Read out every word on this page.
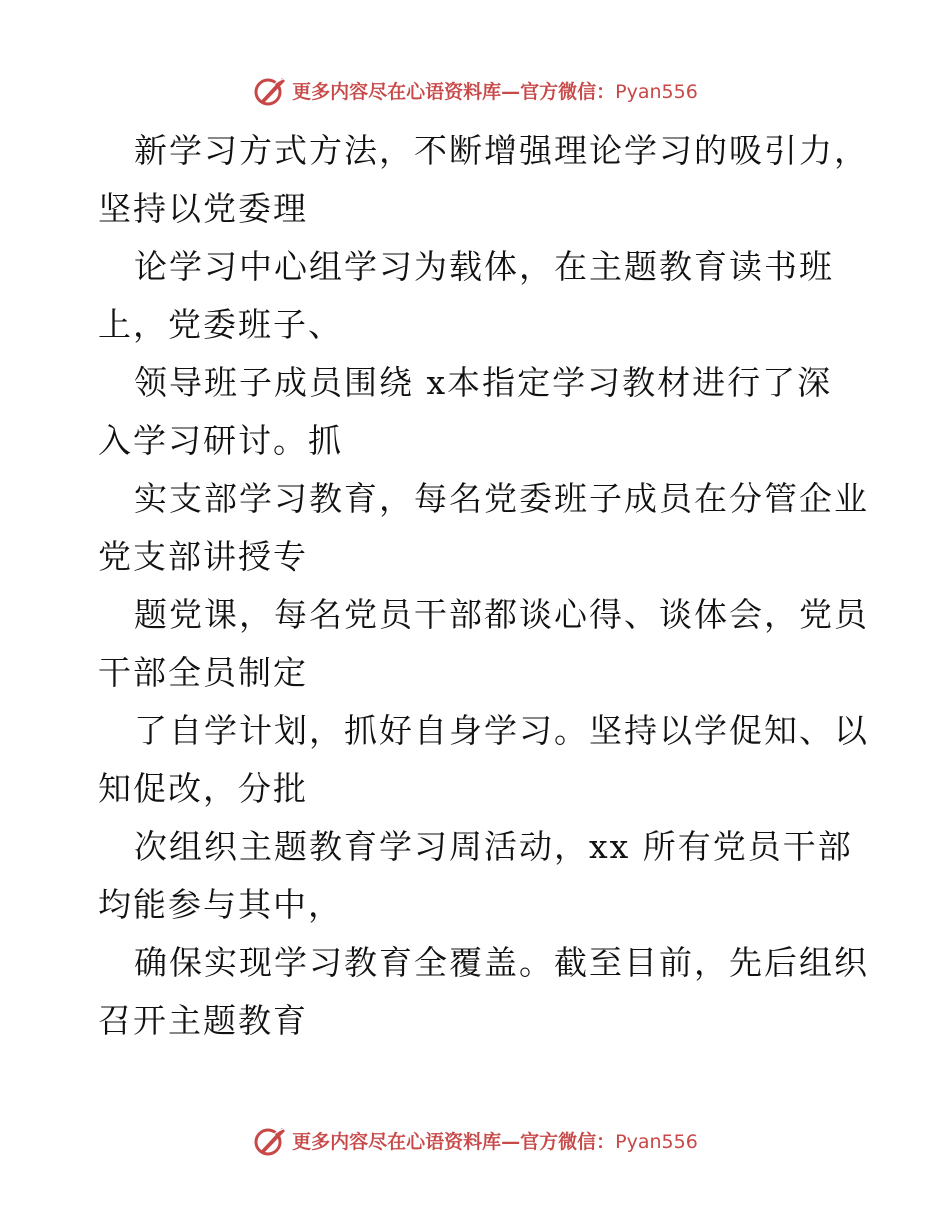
更多内容尽在心语资料库—官方微信：Pyan556

新学习方式方法，不断增强理论学习的吸引力，
坚持以党委理

论学习中心组学习为载体，在主题教育读书班
上，党委班子、

领导班子成员围绕 x本指定学习教材进行了深
入学习研讨。抓

实支部学习教育，每名党委班子成员在分管企业
党支部讲授专

题党课，每名党员干部都谈心得、谈体会，党员
干部全员制定

了自学计划，抓好自身学习。坚持以学促知、以
知促改，分批

次组织主题教育学习周活动，xx 所有党员干部
均能参与其中，

确保实现学习教育全覆盖。截至目前，先后组织
召开主题教育

更多内容尽在心语资料库—官方微信：Pyan556
